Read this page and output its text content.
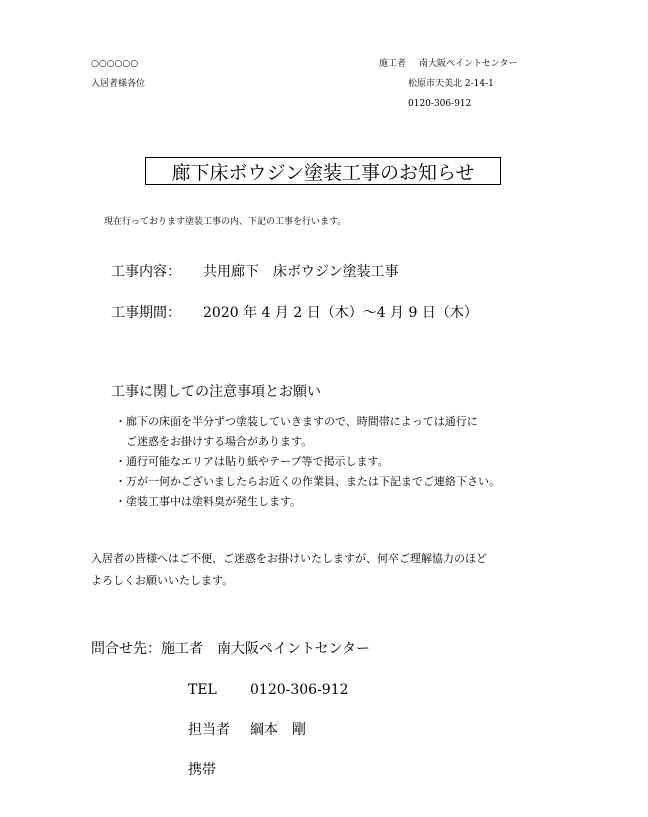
○○○○○○
入居者様各位
施工者 南大阪ペイントセンター
松原市天美北 2-14-1
0120-306-912
廊下床ボウジン塗装工事のお知らせ
現在行っております塗装工事の内、下記の工事を行います。
工事内容： 共用廊下　床ボウジン塗装工事
工事期間： 2020 年 4 月 2 日（木）～4 月 9 日（木）
工事に関しての注意事項とお願い
・廊下の床面を半分ずつ塗装していきますので、時間帯によっては通行に
　ご迷惑をお掛けする場合があります。
・通行可能なエリアは貼り紙やテープ等で掲示します。
・万が一何かございましたらお近くの作業員、または下記までご連絡下さい。
・塗装工事中は塗料臭が発生します。
入居者の皆様へはご不便、ご迷惑をお掛けいたしますが、何卒ご理解協力のほど
よろしくお願いいたします。
問合せ先：施工者　南大阪ペイントセンター
TEL 0120-306-912
担当者 綱本　剛
携帯
